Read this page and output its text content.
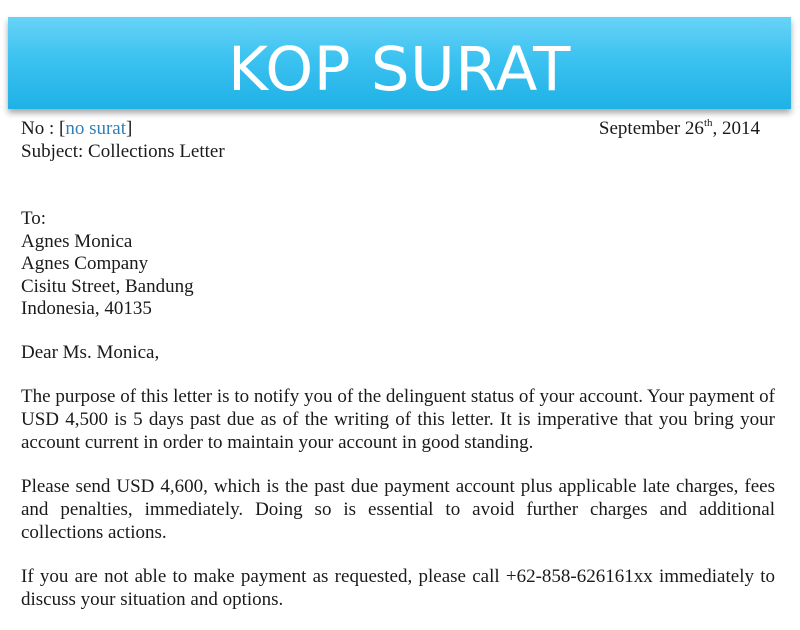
KOP SURAT
No : [no surat]	September 26th, 2014
Subject: Collections Letter
To:
Agnes Monica
Agnes Company
Cisitu Street, Bandung
Indonesia, 40135
Dear Ms. Monica,
The purpose of this letter is to notify you of the delinguent status of your account. Your payment of USD 4,500 is 5 days past due as of the writing of this letter. It is imperative that you bring your account current in order to maintain your account in good standing.
Please send USD 4,600, which is the past due payment account plus applicable late charges, fees and penalties, immediately. Doing so is essential to avoid further charges and additional collections actions.
If you are not able to make payment as requested, please call +62-858-626161xx immediately to discuss your situation and options.
